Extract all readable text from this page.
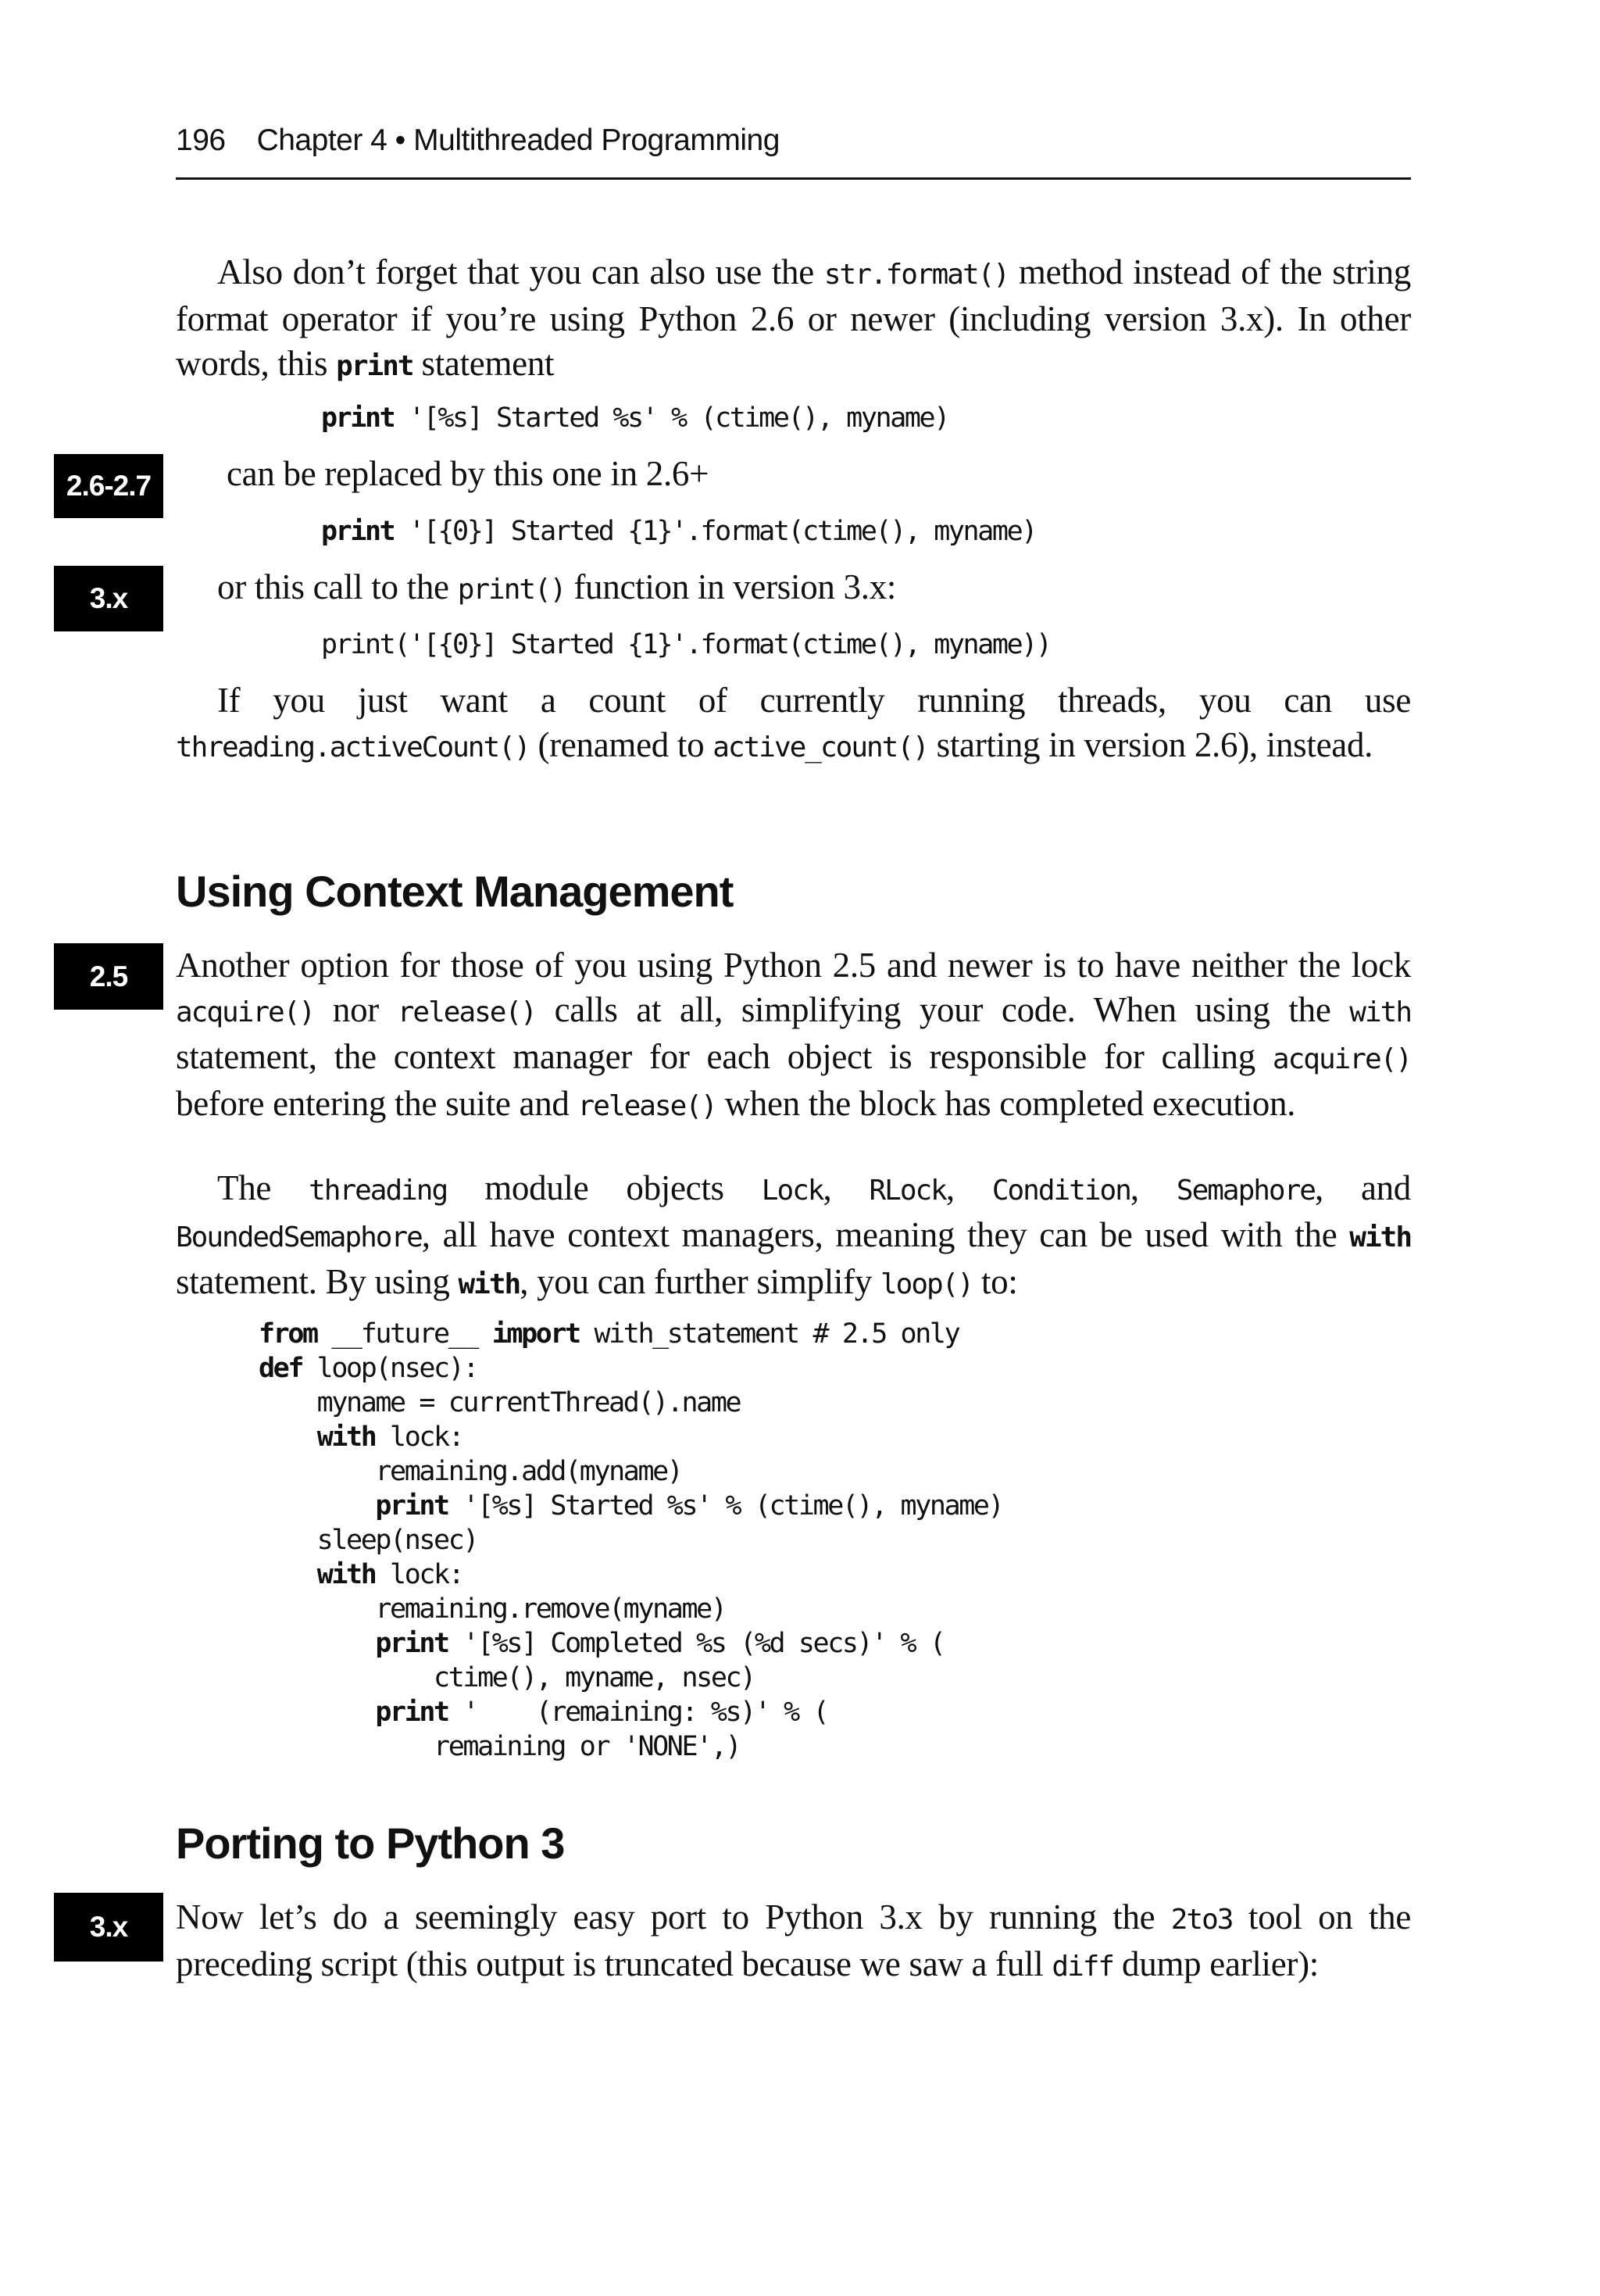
196 Chapter 4 • Multithreaded Programming
Also don’t forget that you can also use the str.format() method instead of the string format operator if you’re using Python 2.6 or newer (including version 3.x). In other words, this print statement
print '[%s] Started %s' % (ctime(), myname)
2.6-2.7	can be replaced by this one in 2.6+
print '[{0}] Started {1}'.format(ctime(), myname)
3.x	or this call to the print() function in version 3.x:
print('[{0}] Started {1}'.format(ctime(), myname))
If you just want a count of currently running threads, you can use threading.activeCount() (renamed to active_count() starting in version 2.6), instead.
Using Context Management
2.5	Another option for those of you using Python 2.5 and newer is to have neither the lock acquire() nor release() calls at all, simplifying your code. When using the with statement, the context manager for each object is responsible for calling acquire() before entering the suite and release() when the block has completed execution.
The threading module objects Lock, RLock, Condition, Semaphore, and BoundedSemaphore, all have context managers, meaning they can be used with the with statement. By using with, you can further simplify loop() to:
from __future__ import with_statement # 2.5 only
def loop(nsec):
myname = currentThread().name
with lock:
remaining.add(myname)
print '[%s] Started %s' % (ctime(), myname)
sleep(nsec)
with lock:
remaining.remove(myname)
print '[%s] Completed %s (%d secs)' % (
ctime(), myname, nsec)
print '    (remaining: %s)' % (
remaining or 'NONE',)
Porting to Python 3
3.x	Now let’s do a seemingly easy port to Python 3.x by running the 2to3 tool on the preceding script (this output is truncated because we saw a full diff dump earlier):
